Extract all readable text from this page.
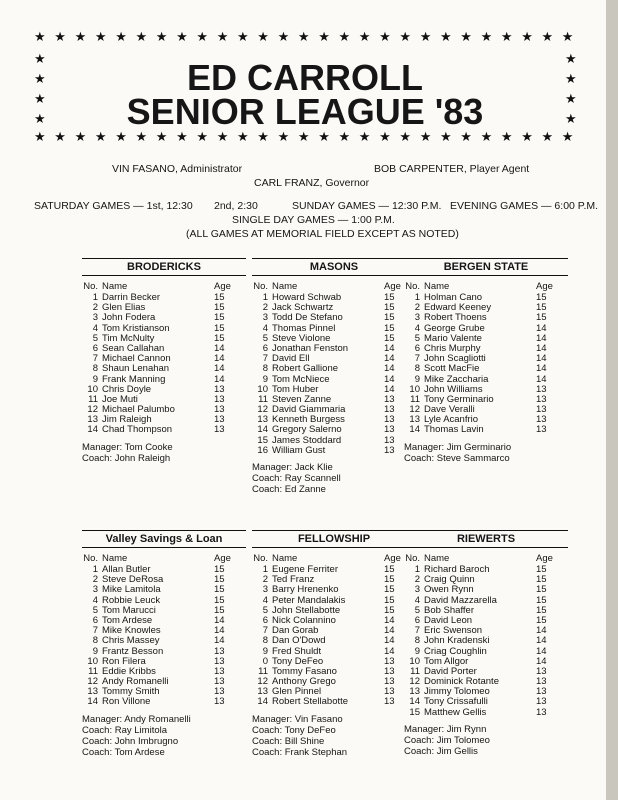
★
★
★
★
★
★
★
★
★
★
★
★
★
★
★
★
★
★
★
★
★
★
★
★
★
★
★
★
★
★
★
★
★
★
★
★
★
★
★
★
★
★
★
★
★
★
★
★
★
★
★
★
★
★
★	★
★	★
★	★
★	★
ED CARROLL
SENIOR LEAGUE '83
VIN FASANO, Administrator	BOB CARPENTER, Player Agent
CARL FRANZ, Governor
SATURDAY GAMES — 1st, 12:30 2nd, 2:30	SUNDAY GAMES — 12:30 P.M. EVENING GAMES — 6:00 P.M.
SINGLE DAY GAMES — 1:00 P.M.
(ALL GAMES AT MEMORIAL FIELD EXCEPT AS NOTED)
BRODERICKS
No. Name	Age
1 Darrin Becker	15
2 Glen Elias	15
3 John Fodera	15
4 Tom Kristianson	15
5 Tim McNulty	15
6 Sean Callahan	14
7 Michael Cannon	14
8 Shaun Lenahan	14
9 Frank Manning	14
10 Chris Doyle	13
11 Joe Muti	13
12 Michael Palumbo	13
13 Jim Raleigh	13
14 Chad Thompson	13
Manager: Tom Cooke
Coach: John Raleigh
MASONS
No. Name	Age
1 Howard Schwab	15
2 Jack Schwartz	15
3 Todd De Stefano	15
4 Thomas Pinnel	15
5 Steve Violone	15
6 Jonathan Fenston	14
7 David Ell	14
8 Robert Gallione	14
9 Tom McNiece	14
10 Tom Huber	14
11 Steven Zanne	13
12 David Giammaria	13
13 Kenneth Burgess	13
14 Gregory Salerno	13
15 James Stoddard	13
16 William Gust	13
Manager: Jack Klie
Coach: Ray Scannell
Coach: Ed Zanne
BERGEN STATE
No. Name	Age
1 Holman Cano	15
2 Edward Keeney	15
3 Robert Thoens	15
4 George Grube	14
5 Mario Valente	14
6 Chris Murphy	14
7 John Scagliotti	14
8 Scott MacFie	14
9 Mike Zaccharia	14
10 John Williams	13
11 Tony Germinario	13
12 Dave Veralli	13
13 Lyle Acanfrio	13
14 Thomas Lavin	13
Manager: Jim Germinario
Coach: Steve Sammarco
Valley Savings & Loan
No. Name	Age
1 Allan Butler	15
2 Steve DeRosa	15
3 Mike Lamitola	15
4 Robbie Leuck	15
5 Tom Marucci	15
6 Tom Ardese	14
7 Mike Knowles	14
8 Chris Massey	14
9 Frantz Besson	13
10 Ron Filera	13
11 Eddie Kribbs	13
12 Andy Romanelli	13
13 Tommy Smith	13
14 Ron Villone	13
Manager: Andy Romanelli
Coach: Ray Limitola
Coach: John Imbrugno
Coach: Tom Ardese
FELLOWSHIP
No. Name	Age
1 Eugene Ferriter	15
2 Ted Franz	15
3 Barry Hrenenko	15
4 Peter Mandalakis	15
5 John Stellabotte	15
6 Nick Colannino	14
7 Dan Gorab	14
8 Dan O'Dowd	14
9 Fred Shuldt	14
0 Tony DeFeo	13
11 Tommy Fasano	13
12 Anthony Grego	13
13 Glen Pinnel	13
14 Robert Stellabotte	13
Manager: Vin Fasano
Coach: Tony DeFeo
Coach: Bill Shine
Coach: Frank Stephan
RIEWERTS
No. Name	Age
1 Richard Baroch	15
2 Craig Quinn	15
3 Owen Rynn	15
4 David Mazzarella	15
5 Bob Shaffer	15
6 David Leon	15
7 Eric Swenson	14
8 John Kradenski	14
9 Criag Coughlin	14
10 Tom Allgor	14
11 David Porter	13
12 Dominick Rotante	13
13 Jimmy Tolomeo	13
14 Tony Crissafulli	13
15 Matthew Gellis	13
Manager: Jim Rynn
Coach: Jim Tolomeo
Coach: Jim Gellis
